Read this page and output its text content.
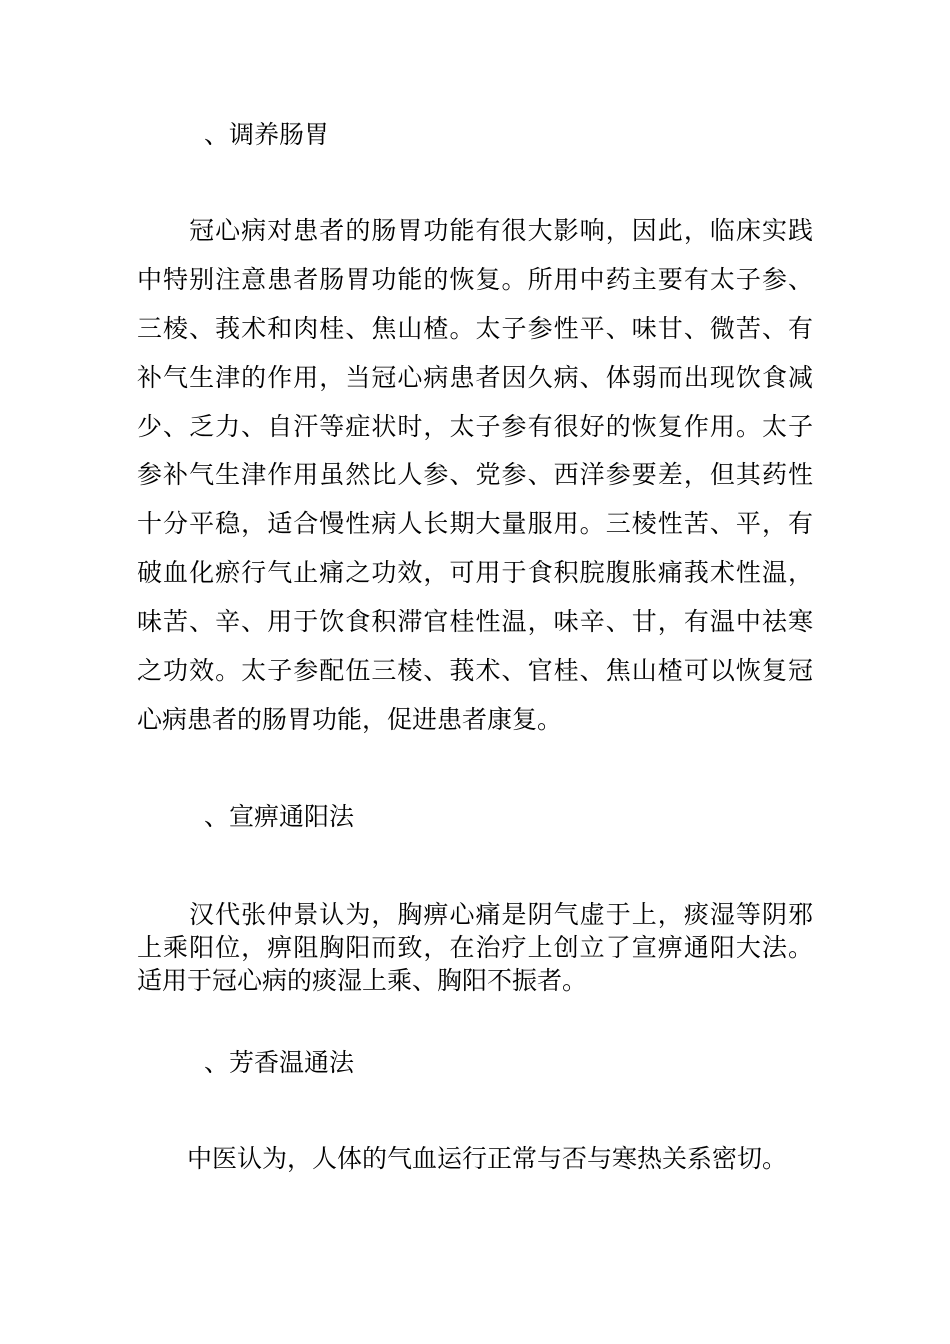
、调养肠胃
　　冠心病对患者的肠胃功能有很大影响，因此，临床实践
中特别注意患者肠胃功能的恢复。所用中药主要有太子参、
三棱、莪术和肉桂、焦山楂。太子参性平、味甘、微苦、有
补气生津的作用，当冠心病患者因久病、体弱而出现饮食减
少、乏力、自汗等症状时，太子参有很好的恢复作用。太子
参补气生津作用虽然比人参、党参、西洋参要差，但其药性
十分平稳，适合慢性病人长期大量服用。三棱性苦、平，有
破血化瘀行气止痛之功效，可用于食积脘腹胀痛莪术性温，
味苦、辛、用于饮食积滞官桂性温，味辛、甘，有温中祛寒
之功效。太子参配伍三棱、莪术、官桂、焦山楂可以恢复冠
心病患者的肠胃功能，促进患者康复。
、宣痹通阳法
　　汉代张仲景认为，胸痹心痛是阴气虚于上，痰湿等阴邪
上乘阳位，痹阻胸阳而致，在治疗上创立了宣痹通阳大法。
适用于冠心病的痰湿上乘、胸阳不振者。
、芳香温通法
　　中医认为，人体的气血运行正常与否与寒热关系密切。
